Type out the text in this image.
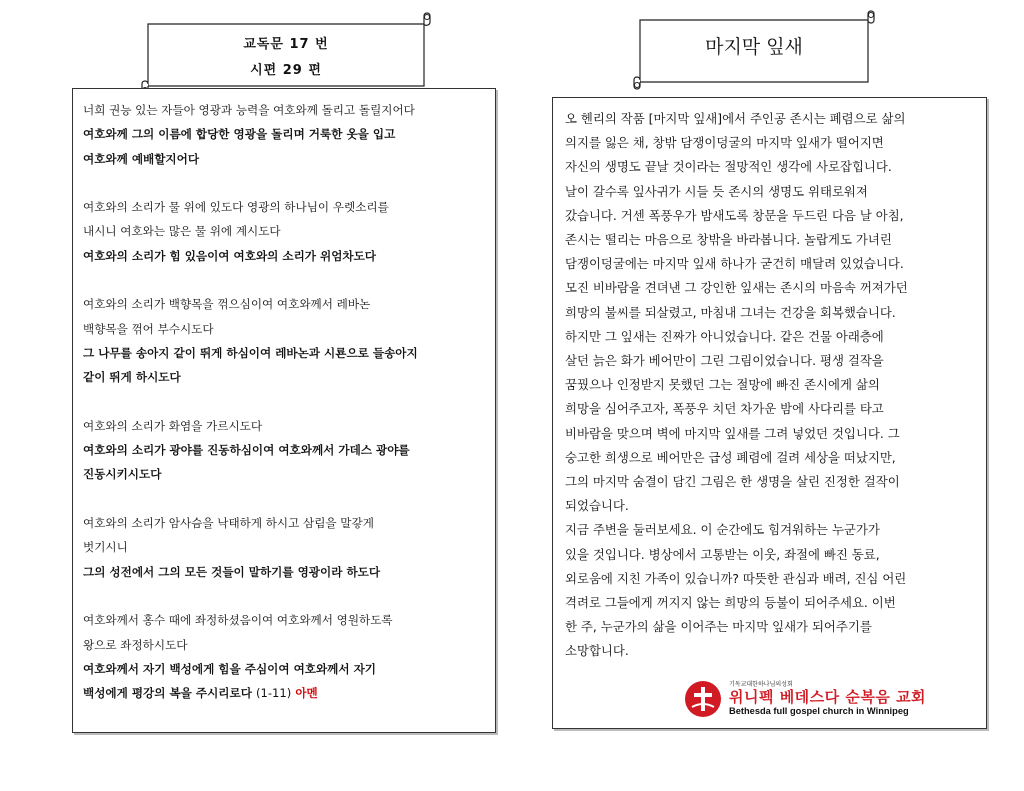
교독문 17 번
시편 29 편
마지막 잎새
너희 권능 있는 자들아 영광과 능력을 여호와께 돌리고 돌릴지어다
여호와께 그의 이름에 합당한 영광을 돌리며 거룩한 옷을 입고
여호와께 예배할지어다
여호와의 소리가 물 위에 있도다 영광의 하나님이 우렛소리를
내시니 여호와는 많은 물 위에 계시도다
여호와의 소리가 힘 있음이여 여호와의 소리가 위엄차도다
여호와의 소리가 백향목을 꺾으심이여 여호와께서 레바논
백향목을 꺾어 부수시도다
그 나무를 송아지 같이 뛰게 하심이여 레바논과 시룐으로 들송아지
같이 뛰게 하시도다
여호와의 소리가 화염을 가르시도다
여호와의 소리가 광야를 진동하심이여 여호와께서 가데스 광야를
진동시키시도다
여호와의 소리가 암사슴을 낙태하게 하시고 삼림을 말갛게
벗기시니
그의 성전에서 그의 모든 것들이 말하기를 영광이라 하도다
여호와께서 홍수 때에 좌정하셨음이여 여호와께서 영원하도록
왕으로 좌정하시도다
여호와께서 자기 백성에게 힘을 주심이여 여호와께서 자기
백성에게 평강의 복을 주시리로다 (1-11) 아멘
오 헨리의 작품 [마지막 잎새]에서 주인공 존시는 폐렴으로 삶의
의지를 잃은 채, 창밖 담쟁이덩굴의 마지막 잎새가 떨어지면
자신의 생명도 끝날 것이라는 절망적인 생각에 사로잡힙니다.
날이 갈수록 잎사귀가 시들 듯 존시의 생명도 위태로워져
갔습니다. 거센 폭풍우가 밤새도록 창문을 두드린 다음 날 아침,
존시는 떨리는 마음으로 창밖을 바라봅니다. 놀랍게도 가녀린
담쟁이덩굴에는 마지막 잎새 하나가 굳건히 매달려 있었습니다.
모진 비바람을 견뎌낸 그 강인한 잎새는 존시의 마음속 꺼져가던
희망의 불씨를 되살렸고, 마침내 그녀는 건강을 회복했습니다.
하지만 그 잎새는 진짜가 아니었습니다. 같은 건물 아래층에
살던 늙은 화가 베어만이 그린 그림이었습니다. 평생 걸작을
꿈꿨으나 인정받지 못했던 그는 절망에 빠진 존시에게 삶의
희망을 심어주고자, 폭풍우 치던 차가운 밤에 사다리를 타고
비바람을 맞으며 벽에 마지막 잎새를 그려 넣었던 것입니다. 그
숭고한 희생으로 베어만은 급성 폐렴에 걸려 세상을 떠났지만,
그의 마지막 숨결이 담긴 그림은 한 생명을 살린 진정한 걸작이
되었습니다.
지금 주변을 둘러보세요. 이 순간에도 힘겨워하는 누군가가
있을 것입니다. 병상에서 고통받는 이웃, 좌절에 빠진 동료,
외로움에 지친 가족이 있습니까? 따뜻한 관심과 배려, 진심 어린
격려로 그들에게 꺼지지 않는 희망의 등불이 되어주세요. 이번
한 주, 누군가의 삶을 이어주는 마지막 잎새가 되어주기를
소망합니다.
기독교대한하나님의성회
위니펙 베데스다 순복음 교회
Bethesda full gospel church in Winnipeg
